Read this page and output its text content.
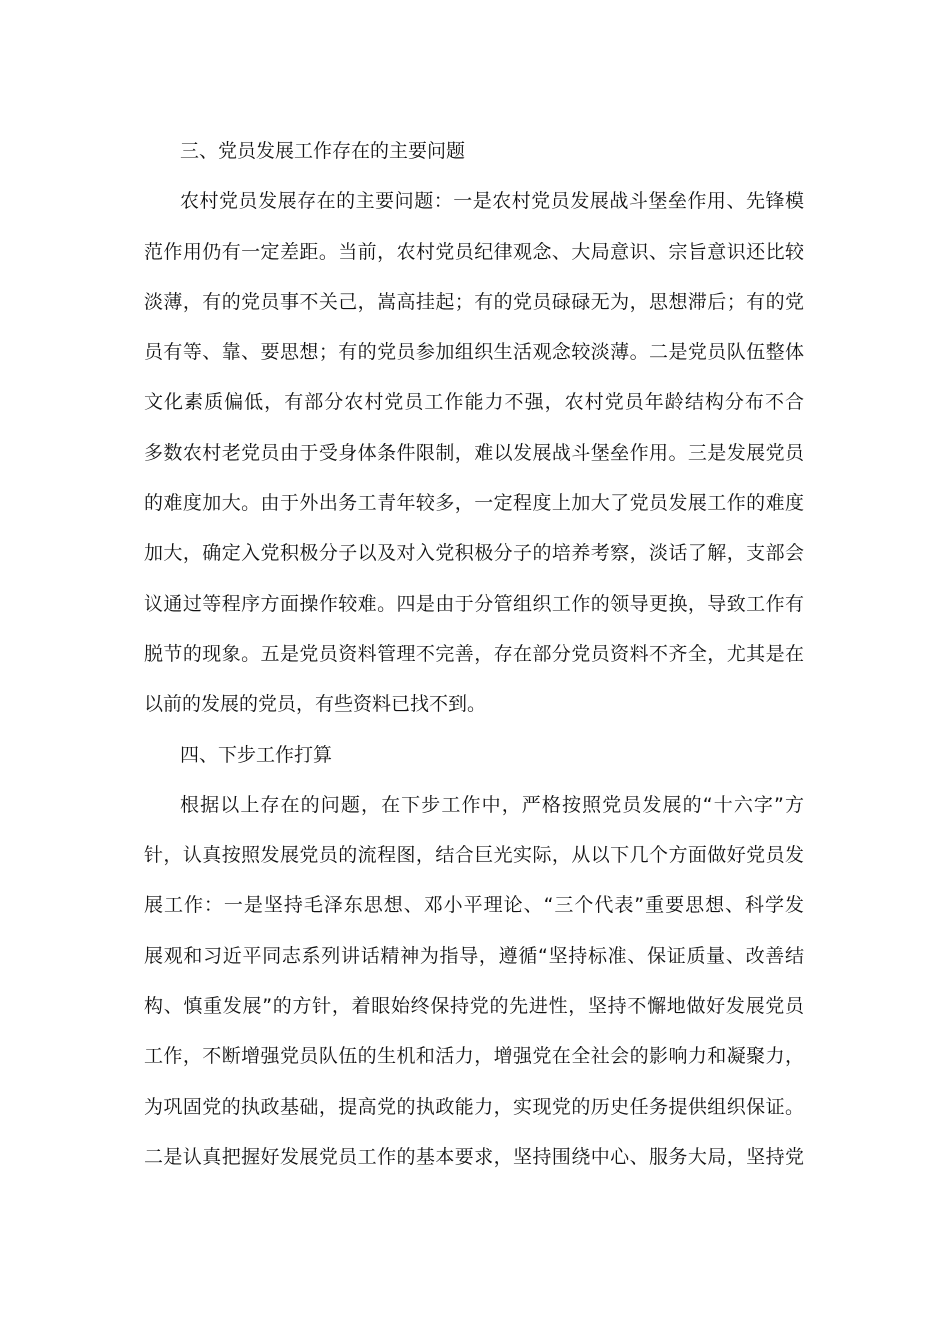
三、党员发展工作存在的主要问题
农村党员发展存在的主要问题：一是农村党员发展战斗堡垒作用、先锋模
范作用仍有一定差距。当前，农村党员纪律观念、大局意识、宗旨意识还比较
淡薄，有的党员事不关己，嵩高挂起；有的党员碌碌无为，思想滞后；有的党
员有等、靠、要思想；有的党员参加组织生活观念较淡薄。二是党员队伍整体
文化素质偏低，有部分农村党员工作能力不强，农村党员年龄结构分布不合
多数农村老党员由于受身体条件限制，难以发展战斗堡垒作用。三是发展党员
的难度加大。由于外出务工青年较多，一定程度上加大了党员发展工作的难度
加大，确定入党积极分子以及对入党积极分子的培养考察，淡话了解，支部会
议通过等程序方面操作较难。四是由于分管组织工作的领导更换，导致工作有
脱节的现象。五是党员资料管理不完善，存在部分党员资料不齐全，尤其是在
以前的发展的党员，有些资料已找不到。
四、下步工作打算
根据以上存在的问题，在下步工作中，严格按照党员发展的“十六字”方
针，认真按照发展党员的流程图，结合巨光实际，从以下几个方面做好党员发
展工作：一是坚持毛泽东思想、邓小平理论、“三个代表”重要思想、科学发
展观和习近平同志系列讲话精神为指导，遵循“坚持标准、保证质量、改善结
构、慎重发展”的方针，着眼始终保持党的先进性，坚持不懈地做好发展党员
工作，不断增强党员队伍的生机和活力，增强党在全社会的影响力和凝聚力，
为巩固党的执政基础，提高党的执政能力，实现党的历史任务提供组织保证。
二是认真把握好发展党员工作的基本要求，坚持围绕中心、服务大局，坚持党
